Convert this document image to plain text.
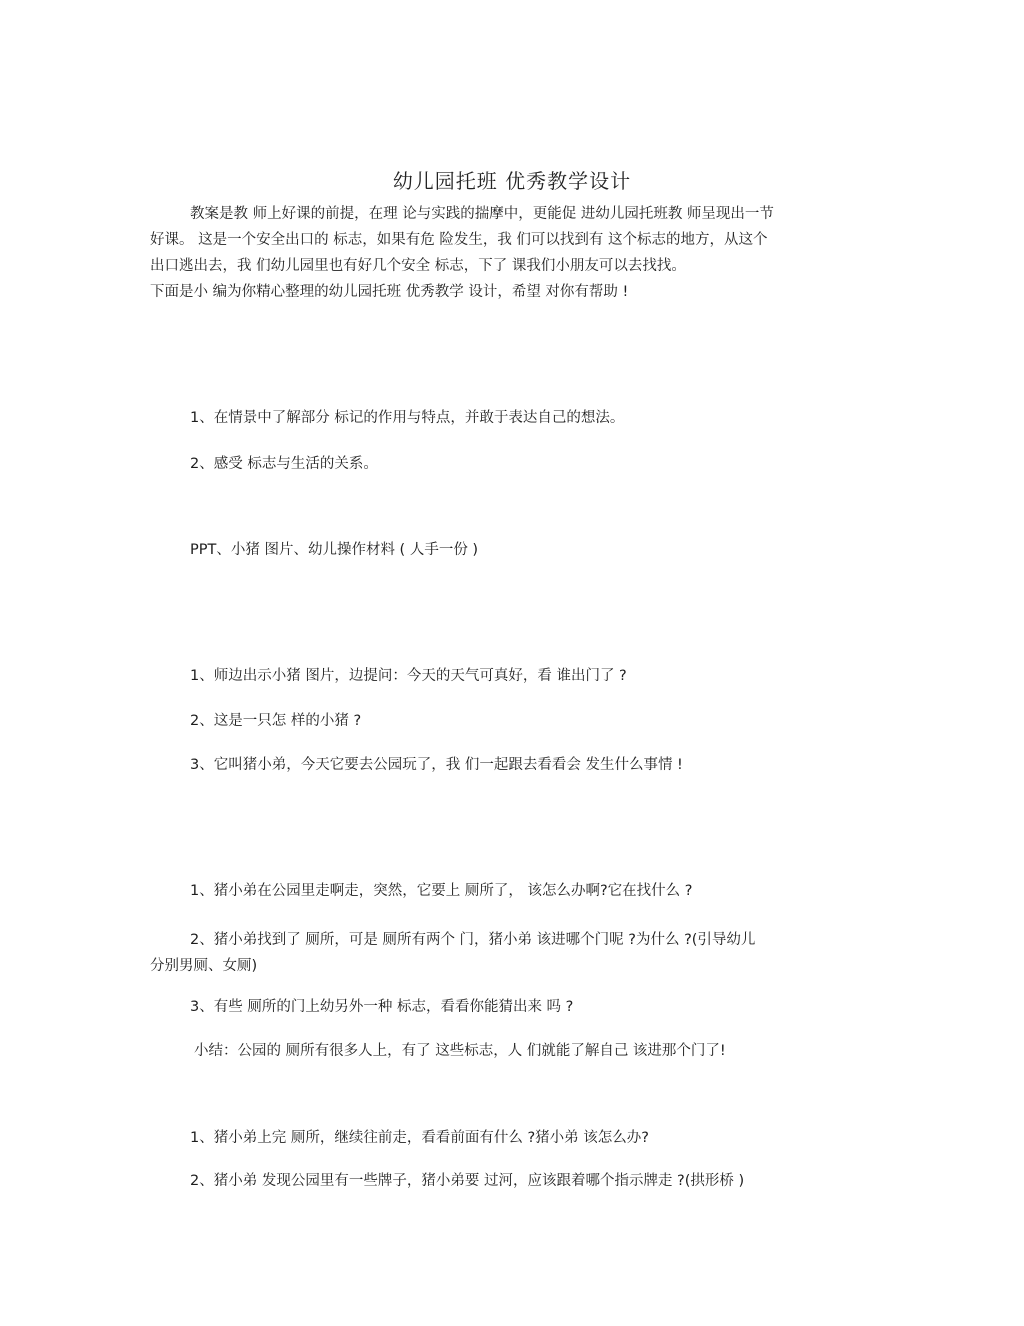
幼儿园托班 优秀教学设计
教案是教 师上好课的前提，在理 论与实践的揣摩中，更能促 进幼儿园托班教 师呈现出一节
好课。 这是一个安全出口的 标志，如果有危 险发生，我 们可以找到有 这个标志的地方，从这个
出口逃出去，我 们幼儿园里也有好几个安全 标志，下了 课我们小朋友可以去找找。
下面是小 编为你精心整理的幼儿园托班 优秀教学 设计，希望 对你有帮助 !
1、在情景中了解部分 标记的作用与特点，并敢于表达自己的想法。
2、感受 标志与生活的关系。
PPT、小猪 图片、幼儿操作材料 ( 人手一份 )
1、师边出示小猪 图片，边提问：今天的天气可真好，看 谁出门了 ?
2、这是一只怎 样的小猪 ?
3、它叫猪小弟，今天它要去公园玩了，我 们一起跟去看看会 发生什么事情 !
1、猪小弟在公园里走啊走，突然，它要上 厕所了， 该怎么办啊?它在找什么 ?
2、猪小弟找到了 厕所，可是 厕所有两个 门，猪小弟 该进哪个门呢 ?为什么 ?(引导幼儿
分别男厕、女厕)
3、有些 厕所的门上幼另外一种 标志，看看你能猜出来 吗 ?
小结：公园的 厕所有很多人上，有了 这些标志，人 们就能了解自己 该进那个门了!
1、猪小弟上完 厕所，继续往前走，看看前面有什么 ?猪小弟 该怎么办?
2、猪小弟 发现公园里有一些牌子，猪小弟要 过河，应该跟着哪个指示牌走 ?(拱形桥 )
